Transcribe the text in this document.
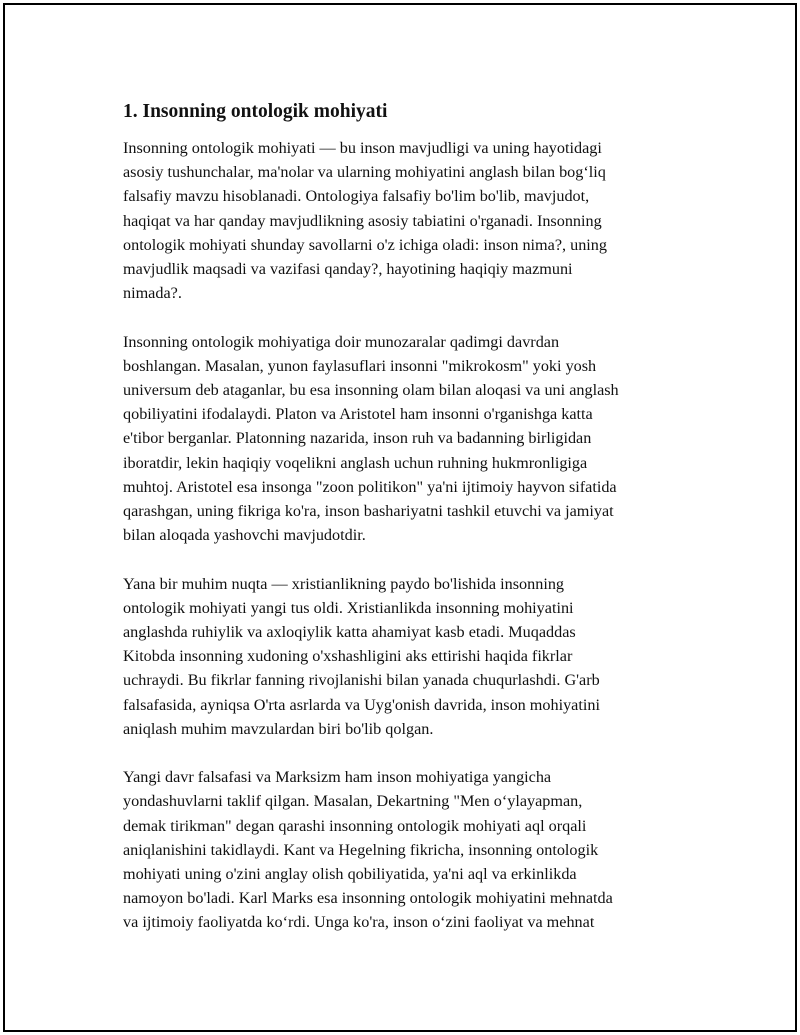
1. Insonning ontologik mohiyati

Insonning ontologik mohiyati — bu inson mavjudligi va uning hayotidagi
asosiy tushunchalar, ma'nolar va ularning mohiyatini anglash bilan bog‘liq
falsafiy mavzu hisoblanadi. Ontologiya falsafiy bo'lim bo'lib, mavjudot,
haqiqat va har qanday mavjudlikning asosiy tabiatini o'rganadi. Insonning
ontologik mohiyati shunday savollarni o'z ichiga oladi: inson nima?, uning
mavjudlik maqsadi va vazifasi qanday?, hayotining haqiqiy mazmuni
nimada?.

Insonning ontologik mohiyatiga doir munozaralar qadimgi davrdan
boshlangan. Masalan, yunon faylasuflari insonni "mikrokosm" yoki yosh
universum deb ataganlar, bu esa insonning olam bilan aloqasi va uni anglash
qobiliyatini ifodalaydi. Platon va Aristotel ham insonni o'rganishga katta
e'tibor berganlar. Platonning nazarida, inson ruh va badanning birligidan
iboratdir, lekin haqiqiy voqelikni anglash uchun ruhning hukmronligiga
muhtoj. Aristotel esa insonga "zoon politikon" ya'ni ijtimoiy hayvon sifatida
qarashgan, uning fikriga ko'ra, inson bashariyatni tashkil etuvchi va jamiyat
bilan aloqada yashovchi mavjudotdir.

Yana bir muhim nuqta — xristianlikning paydo bo'lishida insonning
ontologik mohiyati yangi tus oldi. Xristianlikda insonning mohiyatini
anglashda ruhiylik va axloqiylik katta ahamiyat kasb etadi. Muqaddas
Kitobda insonning xudoning o'xshashligini aks ettirishi haqida fikrlar
uchraydi. Bu fikrlar fanning rivojlanishi bilan yanada chuqurlashdi. G'arb
falsafasida, ayniqsa O'rta asrlarda va Uyg'onish davrida, inson mohiyatini
aniqlash muhim mavzulardan biri bo'lib qolgan.

Yangi davr falsafasi va Marksizm ham inson mohiyatiga yangicha
yondashuvlarni taklif qilgan. Masalan, Dekartning "Men o‘ylayapman,
demak tirikman" degan qarashi insonning ontologik mohiyati aql orqali
aniqlanishini takidlaydi. Kant va Hegelning fikricha, insonning ontologik
mohiyati uning o'zini anglay olish qobiliyatida, ya'ni aql va erkinlikda
namoyon bo'ladi. Karl Marks esa insonning ontologik mohiyatini mehnatda
va ijtimoiy faoliyatda ko‘rdi. Unga ko'ra, inson o‘zini faoliyat va mehnat
